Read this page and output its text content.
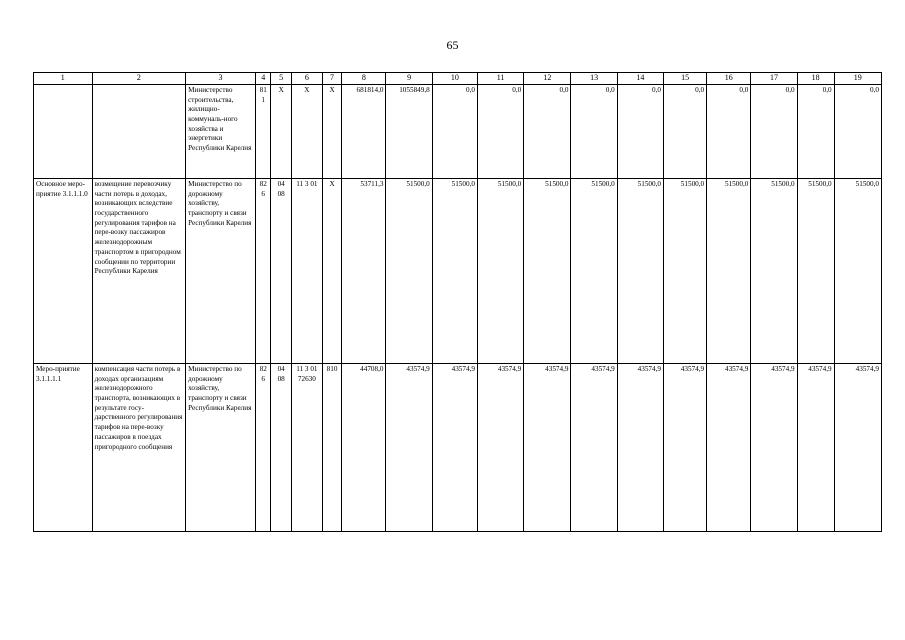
65
1	2	3	4	5	6	7	8	9	10	11	12	13	14	15	16	17	18	19
		Министерство строительства, жилищно-коммуналь-ного хозяйства и энергетики Республики Карелия	811	X	X	X	681814,0	1055849,8	0,0	0,0	0,0	0,0	0,0	0,0	0,0	0,0	0,0	0,0
Основное меро-приятие 3.1.1.1.0	возмещение перевозчику части потерь в доходах, возникающих вследствие государственного регулирования тарифов на пере-возку пассажиров железнодорожным транспортом в пригородном сообщении по территории Республики Карелия	Министерство по дорожному хозяйству, транспорту и связи Республики Карелия	826	04 08	11 3 01	X	53711,3	51500,0	51500,0	51500,0	51500,0	51500,0	51500,0	51500,0	51500,0	51500,0	51500,0	51500,0
Меро-приятие 3.1.1.1.1	компенсация части потерь в доходах организациям железнодорожного транспорта, возникающих в результате госу-дарственного регулирования тарифов на пере-возку пассажиров в поездах пригородного сообщения	Министерство по дорожному хозяйству, транспорту и связи Республики Карелия	826	04 08	11 3 01 72630	810	44708,0	43574,9	43574,9	43574,9	43574,9	43574,9	43574,9	43574,9	43574,9	43574,9	43574,9	43574,9
